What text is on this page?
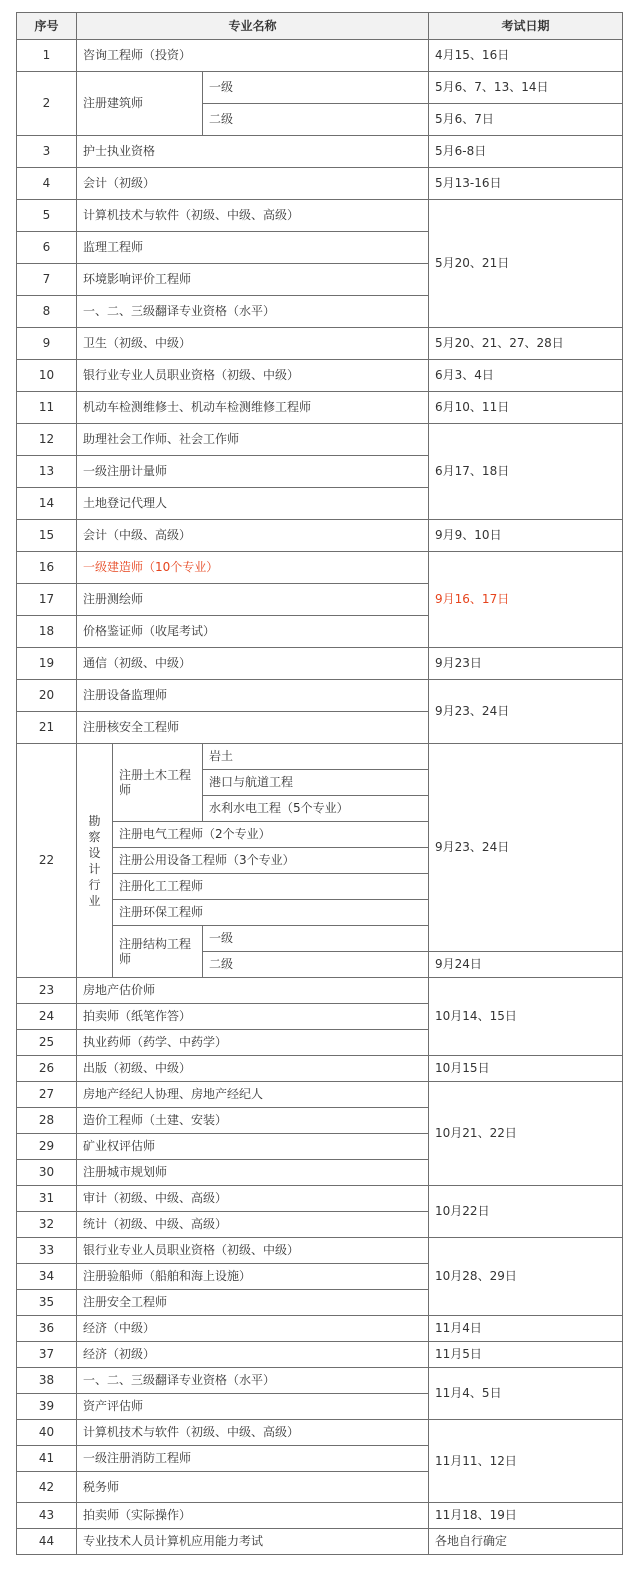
序号	专业名称			考试日期
1	咨询工程师（投资）			4月15、16日
2	注册建筑师		一级	5月6、7、13、14日
			二级	5月6、7日
3	护士执业资格			5月6-8日
4	会计（初级）			5月13-16日
5	计算机技术与软件（初级、中级、高级）			5月20、21日
6	监理工程师			
7	环境影响评价工程师			
8	一、二、三级翻译专业资格（水平）			
9	卫生（初级、中级）			5月20、21、27、28日
10	银行业专业人员职业资格（初级、中级）			6月3、4日
11	机动车检测维修士、机动车检测维修工程师			6月10、11日
12	助理社会工作师、社会工作师			6月17、18日
13	一级注册计量师			
14	土地登记代理人			
15	会计（中级、高级）			9月9、10日
16	一级建造师（10个专业）			9月16、17日
17	注册测绘师			
18	价格鉴证师（收尾考试）			
19	通信（初级、中级）			9月23日
20	注册设备监理师			9月23、24日
21	注册核安全工程师			
22	勘察设计行业	注册土木工程师	岩土	9月23、24日
			港口与航道工程	
			水利水电工程（5个专业）	
		注册电气工程师（2个专业）		
		注册公用设备工程师（3个专业）		
		注册化工工程师		
		注册环保工程师		
		注册结构工程师	一级	
			二级	9月24日
23	房地产估价师			10月14、15日
24	拍卖师（纸笔作答）			
25	执业药师（药学、中药学）			
26	出版（初级、中级）			10月15日
27	房地产经纪人协理、房地产经纪人			10月21、22日
28	造价工程师（土建、安装）			
29	矿业权评估师			
30	注册城市规划师			
31	审计（初级、中级、高级）			10月22日
32	统计（初级、中级、高级）			
33	银行业专业人员职业资格（初级、中级）			10月28、29日
34	注册验船师（船舶和海上设施）			
35	注册安全工程师			
36	经济（中级）			11月4日
37	经济（初级）			11月5日
38	一、二、三级翻译专业资格（水平）			11月4、5日
39	资产评估师			
40	计算机技术与软件（初级、中级、高级）			11月11、12日
41	一级注册消防工程师			
42	税务师			
43	拍卖师（实际操作）			11月18、19日
44	专业技术人员计算机应用能力考试			各地自行确定
